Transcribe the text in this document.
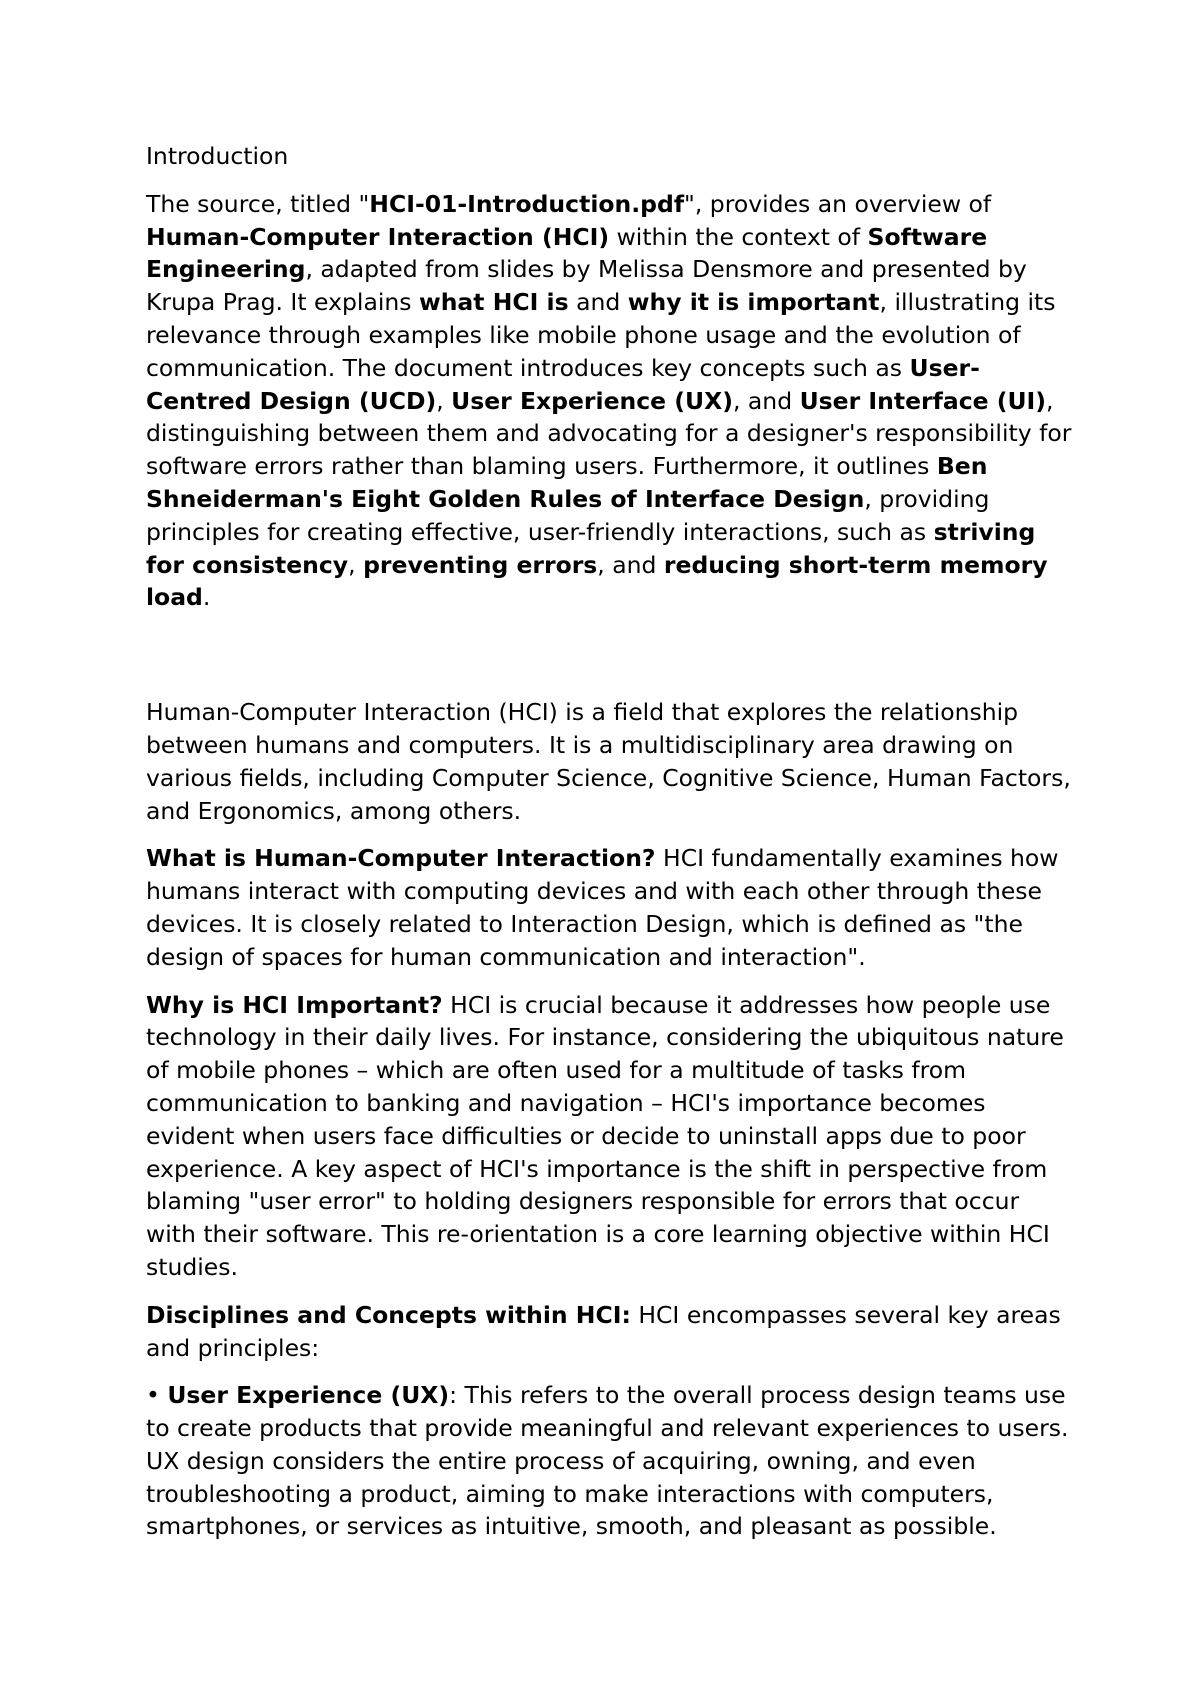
Introduction

The source, titled "HCI-01-Introduction.pdf", provides an overview of Human-Computer Interaction (HCI) within the context of Software Engineering, adapted from slides by Melissa Densmore and presented by Krupa Prag. It explains what HCI is and why it is important, illustrating its relevance through examples like mobile phone usage and the evolution of communication. The document introduces key concepts such as User-Centred Design (UCD), User Experience (UX), and User Interface (UI), distinguishing between them and advocating for a designer's responsibility for software errors rather than blaming users. Furthermore, it outlines Ben Shneiderman's Eight Golden Rules of Interface Design, providing principles for creating effective, user-friendly interactions, such as striving for consistency, preventing errors, and reducing short-term memory load.

Human-Computer Interaction (HCI) is a field that explores the relationship between humans and computers. It is a multidisciplinary area drawing on various fields, including Computer Science, Cognitive Science, Human Factors, and Ergonomics, among others.

What is Human-Computer Interaction? HCI fundamentally examines how humans interact with computing devices and with each other through these devices. It is closely related to Interaction Design, which is defined as "the design of spaces for human communication and interaction".

Why is HCI Important? HCI is crucial because it addresses how people use technology in their daily lives. For instance, considering the ubiquitous nature of mobile phones – which are often used for a multitude of tasks from communication to banking and navigation – HCI's importance becomes evident when users face difficulties or decide to uninstall apps due to poor experience. A key aspect of HCI's importance is the shift in perspective from blaming "user error" to holding designers responsible for errors that occur with their software. This re-orientation is a core learning objective within HCI studies.

Disciplines and Concepts within HCI: HCI encompasses several key areas and principles:

• User Experience (UX): This refers to the overall process design teams use to create products that provide meaningful and relevant experiences to users. UX design considers the entire process of acquiring, owning, and even troubleshooting a product, aiming to make interactions with computers, smartphones, or services as intuitive, smooth, and pleasant as possible.
